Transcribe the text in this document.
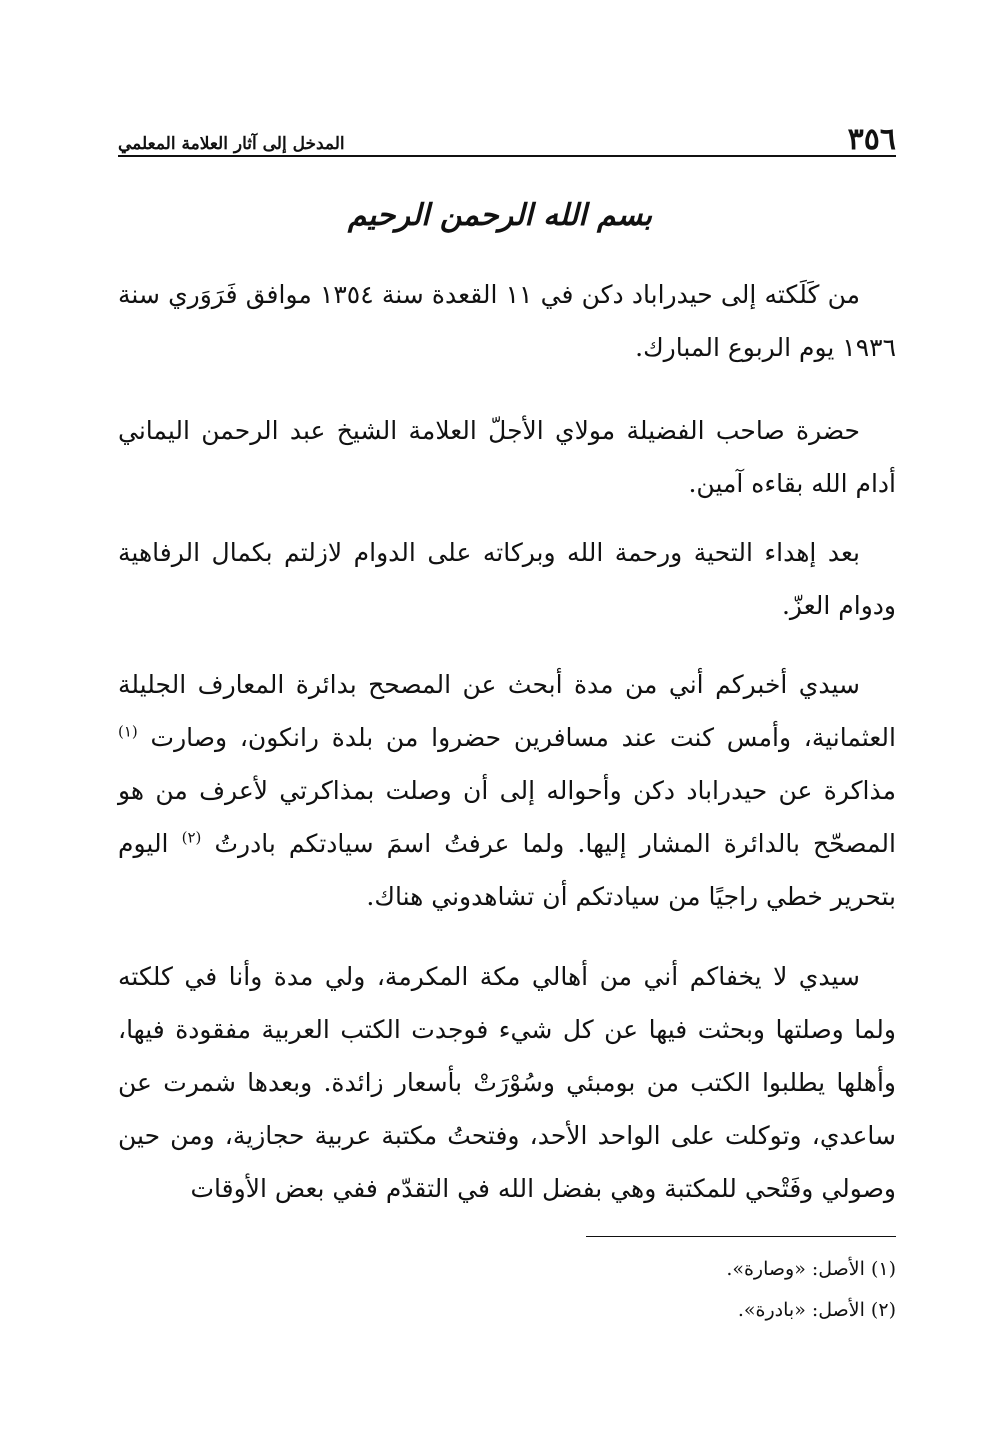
٣٥٦
المدخل إلى آثار العلامة المعلمي
بسم الله الرحمن الرحيم

من كَلَكته إلى حيدراباد دكن في ١١ القعدة سنة ١٣٥٤ موافق فَرَوَري سنة ١٩٣٦ يوم الربوع المبارك.

حضرة صاحب الفضيلة مولاي الأجلّ العلامة الشيخ عبد الرحمن اليماني أدام الله بقاءه آمين.

بعد إهداء التحية ورحمة الله وبركاته على الدوام لازلتم بكمال الرفاهية ودوام العزّ.

سيدي أخبركم أني من مدة أبحث عن المصحح بدائرة المعارف الجليلة العثمانية، وأمس كنت عند مسافرين حضروا من بلدة رانكون، وصارت $^{(١)}$ مذاكرة عن حيدراباد دكن وأحواله إلى أن وصلت بمذاكرتي لأعرف من هو المصحّح بالدائرة المشار إليها. ولما عرفتُ اسمَ سيادتكم بادرتُ $^{(٢)}$ اليوم بتحرير خطي راجيًا من سيادتكم أن تشاهدوني هناك.

سيدي لا يخفاكم أني من أهالي مكة المكرمة، ولي مدة وأنا في كلكته ولما وصلتها وبحثت فيها عن كل شيء فوجدت الكتب العربية مفقودة فيها، وأهلها يطلبوا الكتب من بومبئي وسُوْرَتْ بأسعار زائدة. وبعدها شمرت عن ساعدي، وتوكلت على الواحد الأحد، وفتحتُ مكتبة عربية حجازية، ومن حين وصولي وفَتْحي للمكتبة وهي بفضل الله في التقدّم ففي بعض الأوقات

(١) الأصل: «وصارة».

(٢) الأصل: «بادرة».
